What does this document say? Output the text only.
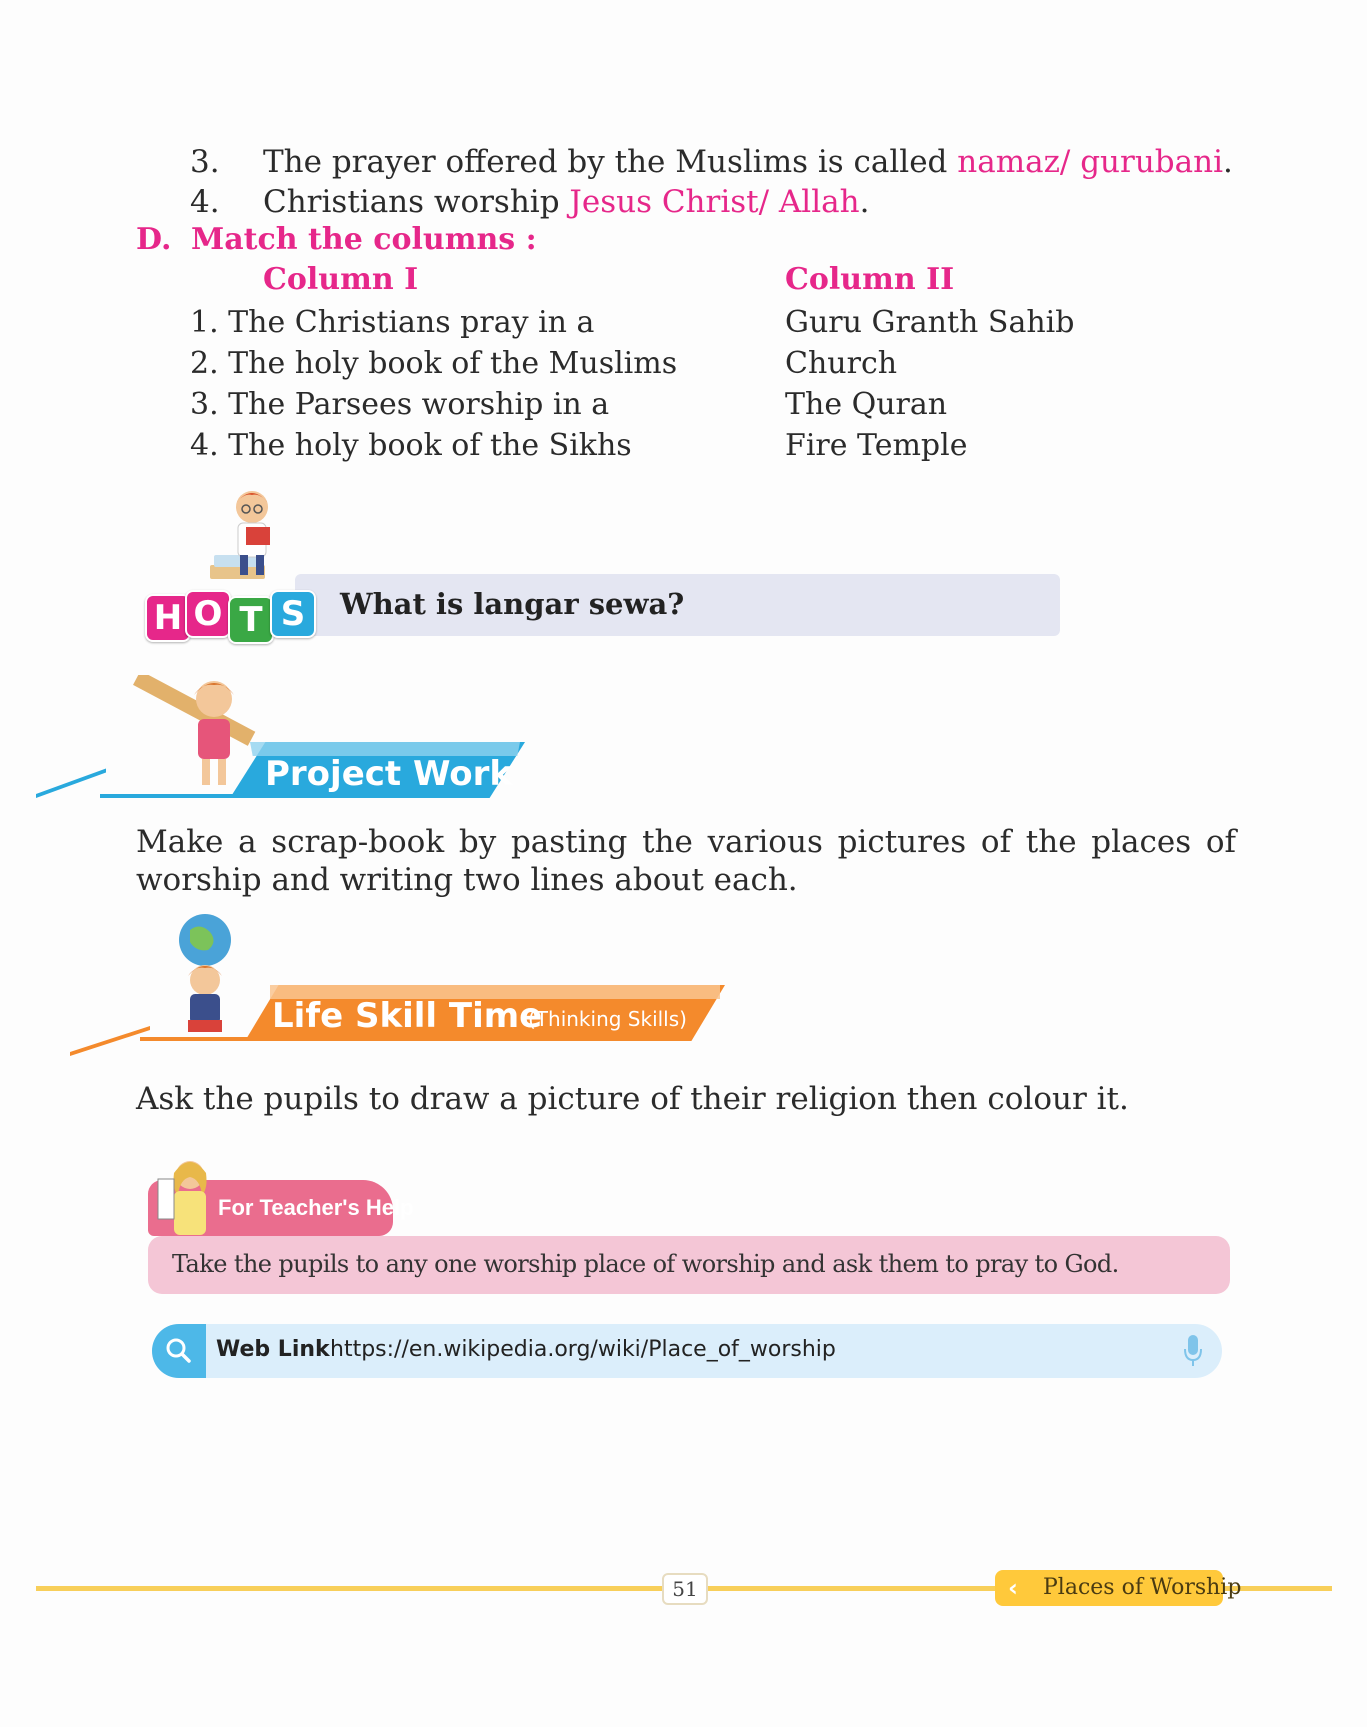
3. The prayer offered by the Muslims is called namaz/ gurubani.
4. Christians worship Jesus Christ/ Allah.
D. Match the columns :
Column I	Column II
1. The Christians pray in a	Guru Granth Sahib
2. The holy book of the Muslims	Church
3. The Parsees worship in a	The Quran
4. The holy book of the Sikhs	Fire Temple
H O T S	What is langar sewa?
Project Work
Make a scrap-book by pasting the various pictures of the places of worship and writing two lines about each.
Life Skill Time
(Thinking Skills)
Ask the pupils to draw a picture of their religion then colour it.
For Teacher's Help
Take the pupils to any one worship place of worship and ask them to pray to God.
Web Link https://en.wikipedia.org/wiki/Place_of_worship
51	‹ Places of Worship
